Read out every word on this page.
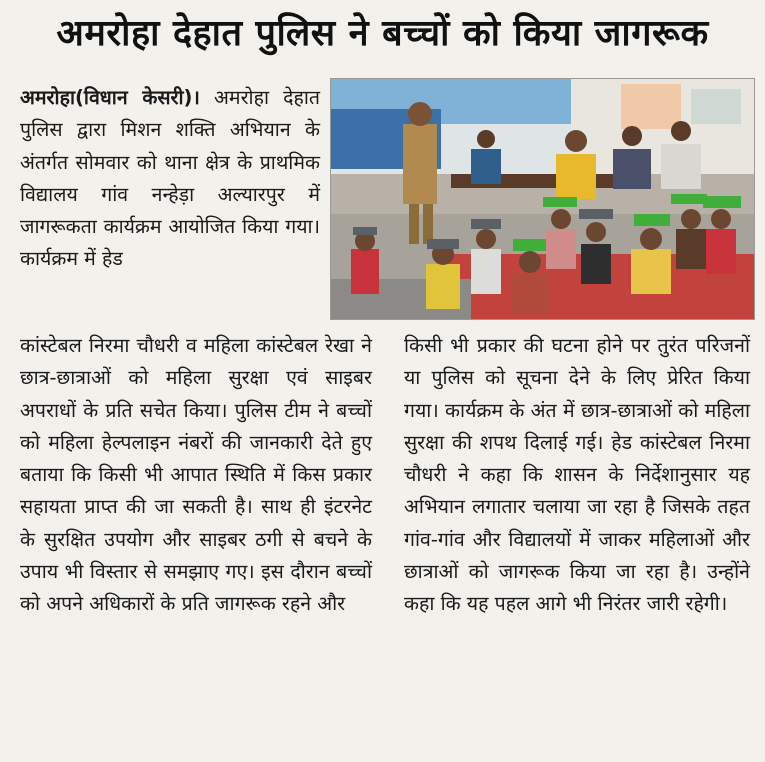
अमरोहा देहात पुलिस ने बच्चों को किया जागरूक
अमरोहा(विधान केसरी)। अमरोहा देहात पुलिस द्वारा मिशन शक्ति अभियान के अंतर्गत सोमवार को थाना क्षेत्र के प्राथमिक विद्यालय गांव नन्हेड़ा अल्यारपुर में जागरूकता कार्यक्रम आयोजित किया गया। कार्यक्रम में हेड
कांस्टेबल निरमा चौधरी व महिला कांस्टेबल रेखा ने छात्र-छात्राओं को महिला सुरक्षा एवं साइबर अपराधों के प्रति सचेत किया। पुलिस टीम ने बच्चों को महिला हेल्पलाइन नंबरों की जानकारी देते हुए बताया कि किसी भी आपात स्थिति में किस प्रकार सहायता प्राप्त की जा सकती है। साथ ही इंटरनेट के सुरक्षित उपयोग और साइबर ठगी से बचने के उपाय भी विस्तार से समझाए गए। इस दौरान बच्चों को अपने अधिकारों के प्रति जागरूक रहने और
किसी भी प्रकार की घटना होने पर तुरंत परिजनों या पुलिस को सूचना देने के लिए प्रेरित किया गया। कार्यक्रम के अंत में छात्र-छात्राओं को महिला सुरक्षा की शपथ दिलाई गई। हेड कांस्टेबल निरमा चौधरी ने कहा कि शासन के निर्देशानुसार यह अभियान लगातार चलाया जा रहा है जिसके तहत गांव-गांव और विद्यालयों में जाकर महिलाओं और छात्राओं को जागरूक किया जा रहा है। उन्होंने कहा कि यह पहल आगे भी निरंतर जारी रहेगी।
